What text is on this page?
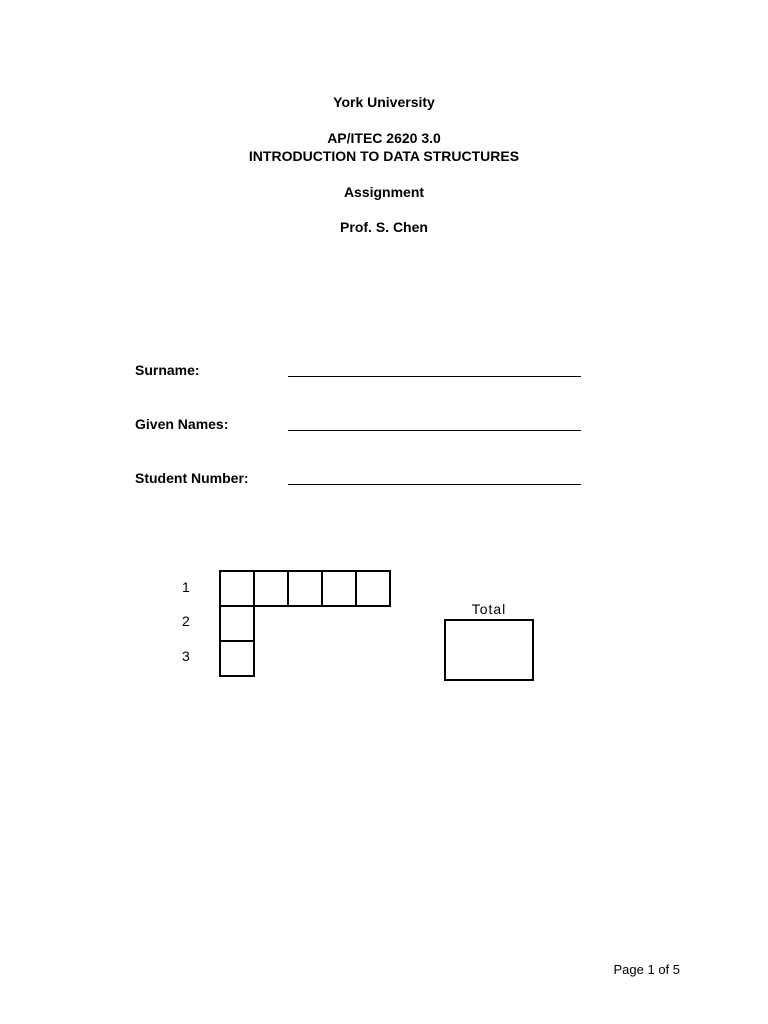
York University
AP/ITEC 2620 3.0
INTRODUCTION TO DATA STRUCTURES
Assignment
Prof. S. Chen
Surname:
Given Names:
Student Number:
1
2
3
Total
Page 1 of 5
